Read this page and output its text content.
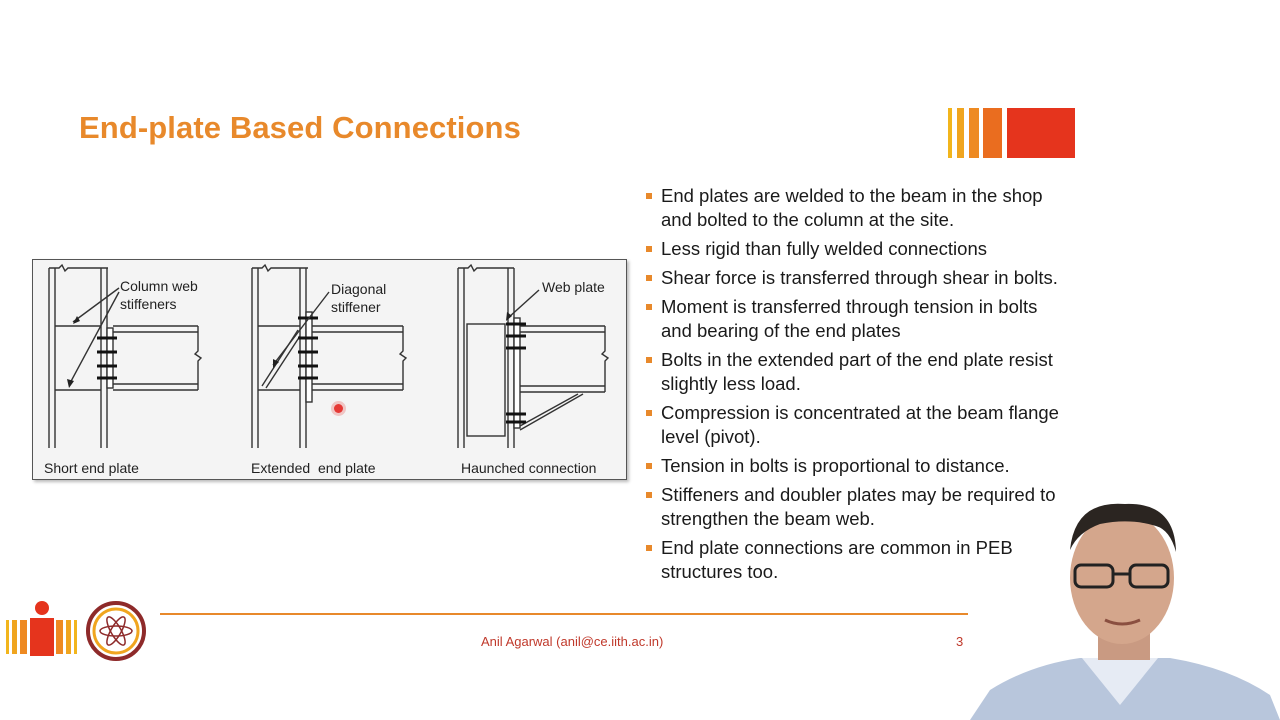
End-plate Based Connections
Column web
stiffeners
Diagonal
stiffener
Web plate
Short end plate	Extended  end plate	Haunched connection
End plates are welded to the beam in the shop and bolted to the column at the site.
Less rigid than fully welded connections
Shear force is transferred through shear in bolts.
Moment is transferred through tension in bolts and bearing of the end plates
Bolts in the extended part of the end plate resist slightly less load.
Compression is concentrated at the beam flange level (pivot).
Tension in bolts is proportional to distance.
Stiffeners and doubler plates may be required to strengthen the beam web.
End plate connections are common in PEB structures too.
Anil Agarwal (anil@ce.iith.ac.in)	3
